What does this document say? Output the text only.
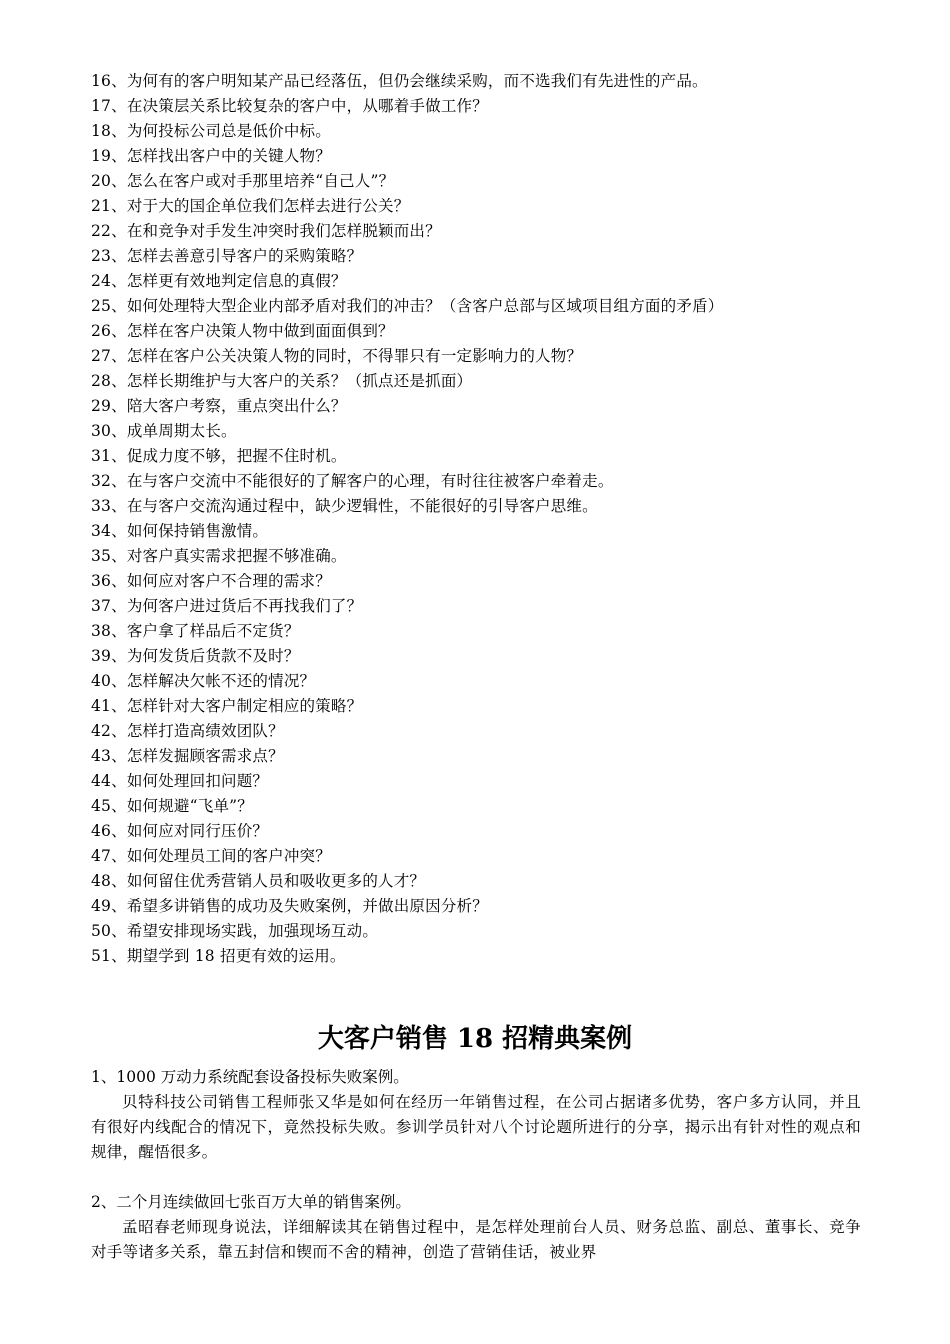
16、为何有的客户明知某产品已经落伍，但仍会继续采购，而不选我们有先进性的产品。
17、在决策层关系比较复杂的客户中，从哪着手做工作？
18、为何投标公司总是低价中标。
19、怎样找出客户中的关键人物？
20、怎么在客户或对手那里培养“自己人”？
21、对于大的国企单位我们怎样去进行公关？
22、在和竞争对手发生冲突时我们怎样脱颖而出？
23、怎样去善意引导客户的采购策略？
24、怎样更有效地判定信息的真假？
25、如何处理特大型企业内部矛盾对我们的冲击？（含客户总部与区域项目组方面的矛盾）
26、怎样在客户决策人物中做到面面俱到？
27、怎样在客户公关决策人物的同时，不得罪只有一定影响力的人物？
28、怎样长期维护与大客户的关系？（抓点还是抓面）
29、陪大客户考察，重点突出什么？
30、成单周期太长。
31、促成力度不够，把握不住时机。
32、在与客户交流中不能很好的了解客户的心理，有时往往被客户牵着走。
33、在与客户交流沟通过程中，缺少逻辑性，不能很好的引导客户思维。
34、如何保持销售激情。
35、对客户真实需求把握不够准确。
36、如何应对客户不合理的需求？
37、为何客户进过货后不再找我们了？
38、客户拿了样品后不定货？
39、为何发货后货款不及时？
40、怎样解决欠帐不还的情况？
41、怎样针对大客户制定相应的策略？
42、怎样打造高绩效团队？
43、怎样发掘顾客需求点？
44、如何处理回扣问题？
45、如何规避“飞单”？
46、如何应对同行压价？
47、如何处理员工间的客户冲突？
48、如何留住优秀营销人员和吸收更多的人才？
49、希望多讲销售的成功及失败案例，并做出原因分析？
50、希望安排现场实践，加强现场互动。
51、期望学到 18 招更有效的运用。
大客户销售 18 招精典案例

1、1000 万动力系统配套设备投标失败案例。

贝特科技公司销售工程师张又华是如何在经历一年销售过程，在公司占据诸多优势，客户多方认同，并且有很好内线配合的情况下，竟然投标失败。参训学员针对八个讨论题所进行的分享，揭示出有针对性的观点和规律，醒悟很多。

2、二个月连续做回七张百万大单的销售案例。

孟昭春老师现身说法，详细解读其在销售过程中，是怎样处理前台人员、财务总监、副总、董事长、竞争对手等诸多关系，靠五封信和锲而不舍的精神，创造了营销佳话，被业界
